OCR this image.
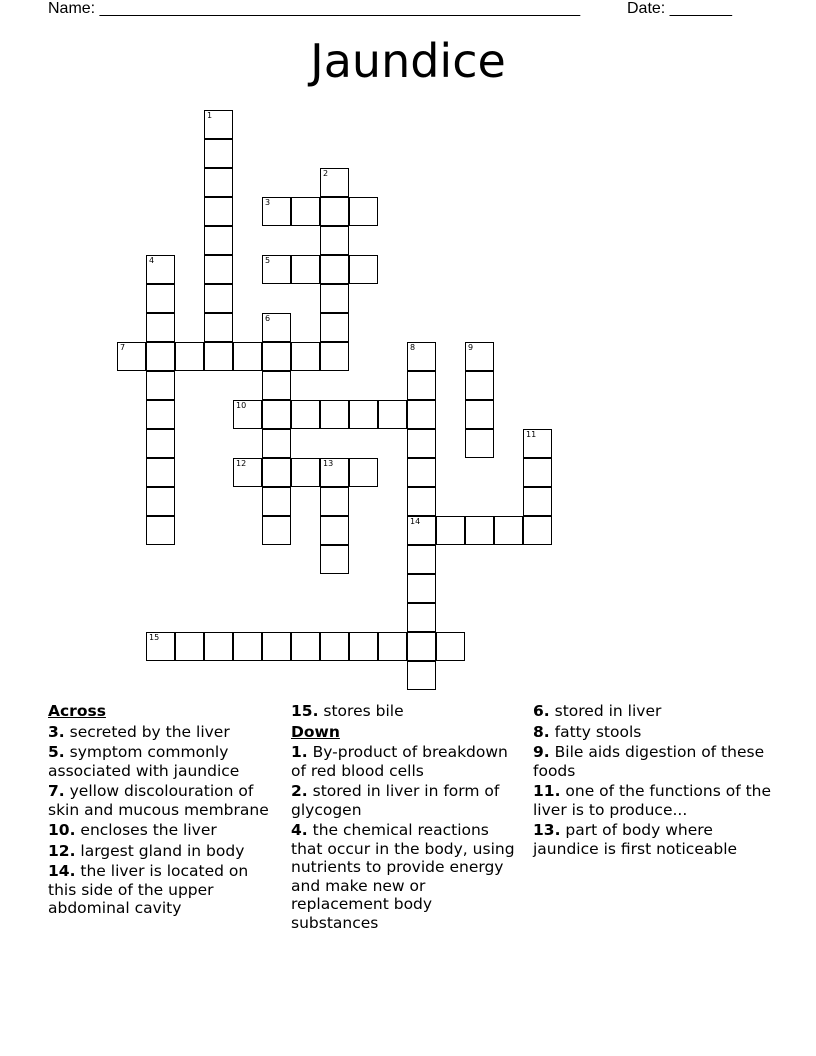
Name: ______________________________________________________	Date: _______
Jaundice
1
2
3
4	5
6
7	8
14
9
10
11
12	13
15
Across
3. secreted by the liver
5. symptom commonly associated with jaundice
7. yellow discolouration of skin and mucous membrane
10. encloses the liver
12. largest gland in body
14. the liver is located on this side of the upper abdominal cavity
15. stores bile
Down
1. By-product of breakdown of red blood cells
2. stored in liver in form of glycogen
4. the chemical reactions that occur in the body, using nutrients to provide energy and make new or replacement body substances
6. stored in liver
8. fatty stools
9. Bile aids digestion of these foods
11. one of the functions of the liver is to produce...
13. part of body where jaundice is first noticeable
